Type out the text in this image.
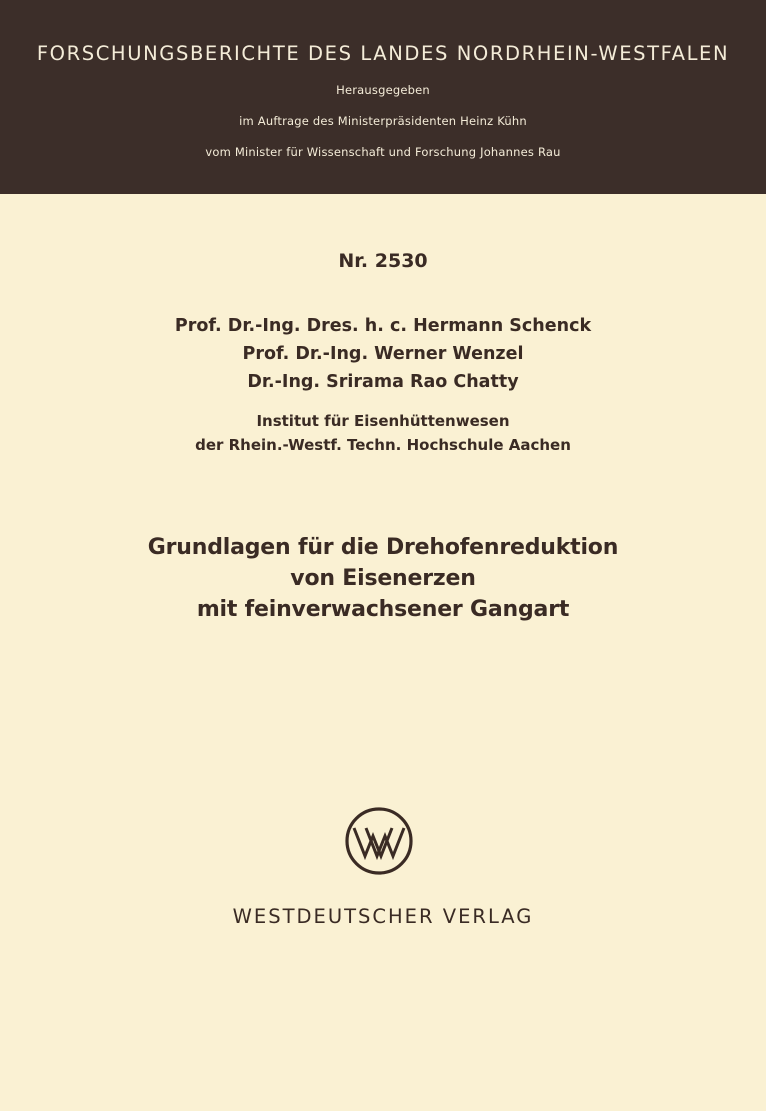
FORSCHUNGSBERICHTE DES LANDES NORDRHEIN-WESTFALEN
Herausgegeben
im Auftrage des Ministerpräsidenten Heinz Kühn
vom Minister für Wissenschaft und Forschung Johannes Rau
Nr. 2530
Prof. Dr.-Ing. Dres. h. c. Hermann Schenck
Prof. Dr.-Ing. Werner Wenzel
Dr.-Ing. Srirama Rao Chatty
Institut für Eisenhüttenwesen
der Rhein.-Westf. Techn. Hochschule Aachen
Grundlagen für die Drehofenreduktion
von Eisenerzen
mit feinverwachsener Gangart
WESTDEUTSCHER VERLAG
